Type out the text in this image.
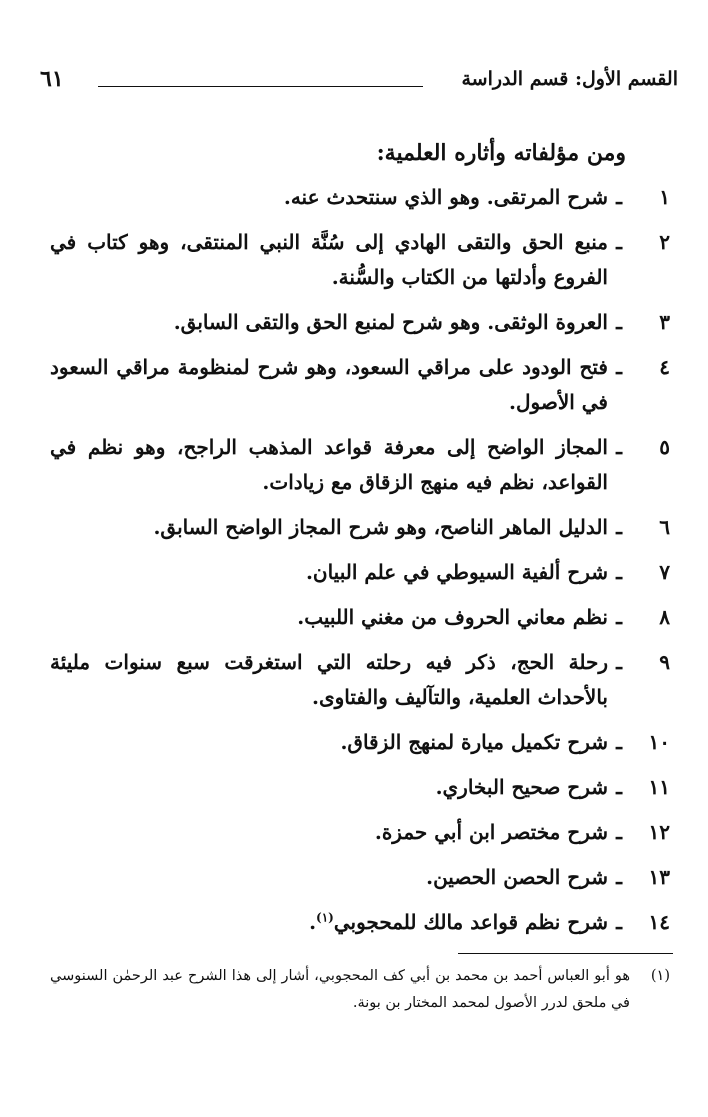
القسم الأول: قسم الدراسة
٦١
ومن مؤلفاته وأثاره العلمية:
١
ـ
شرح المرتقى. وهو الذي سنتحدث عنه.
٢
ـ
منبع الحق والتقى الهادي إلى سُنَّة النبي المنتقى، وهو كتاب في الفروع وأدلتها من الكتاب والسُّنة.
٣
ـ
العروة الوثقى. وهو شرح لمنبع الحق والتقى السابق.
٤
ـ
فتح الودود على مراقي السعود، وهو شرح لمنظومة مراقي السعود في الأصول.
٥
ـ
المجاز الواضح إلى معرفة قواعد المذهب الراجح، وهو نظم في القواعد، نظم فيه منهج الزقاق مع زيادات.
٦
ـ
الدليل الماهر الناصح، وهو شرح المجاز الواضح السابق.
٧
ـ
شرح ألفية السيوطي في علم البيان.
٨
ـ
نظم معاني الحروف من مغني اللبيب.
٩
ـ
رحلة الحج، ذكر فيه رحلته التي استغرقت سبع سنوات مليئة بالأحداث العلمية، والتآليف والفتاوى.
١٠
ـ
شرح تكميل ميارة لمنهج الزقاق.
١١
ـ
شرح صحيح البخاري.
١٢
ـ
شرح مختصر ابن أبي حمزة.
١٣
ـ
شرح الحصن الحصين.
١٤
ـ
شرح نظم قواعد مالك للمحجوبي$^{(١)}$.
(١)
هو أبو العباس أحمد بن محمد بن أبي كف المحجوبي، أشار إلى هذا الشرح عبد الرحمٰن السنوسي في ملحق لدرر الأصول لمحمد المختار بن بونة.
